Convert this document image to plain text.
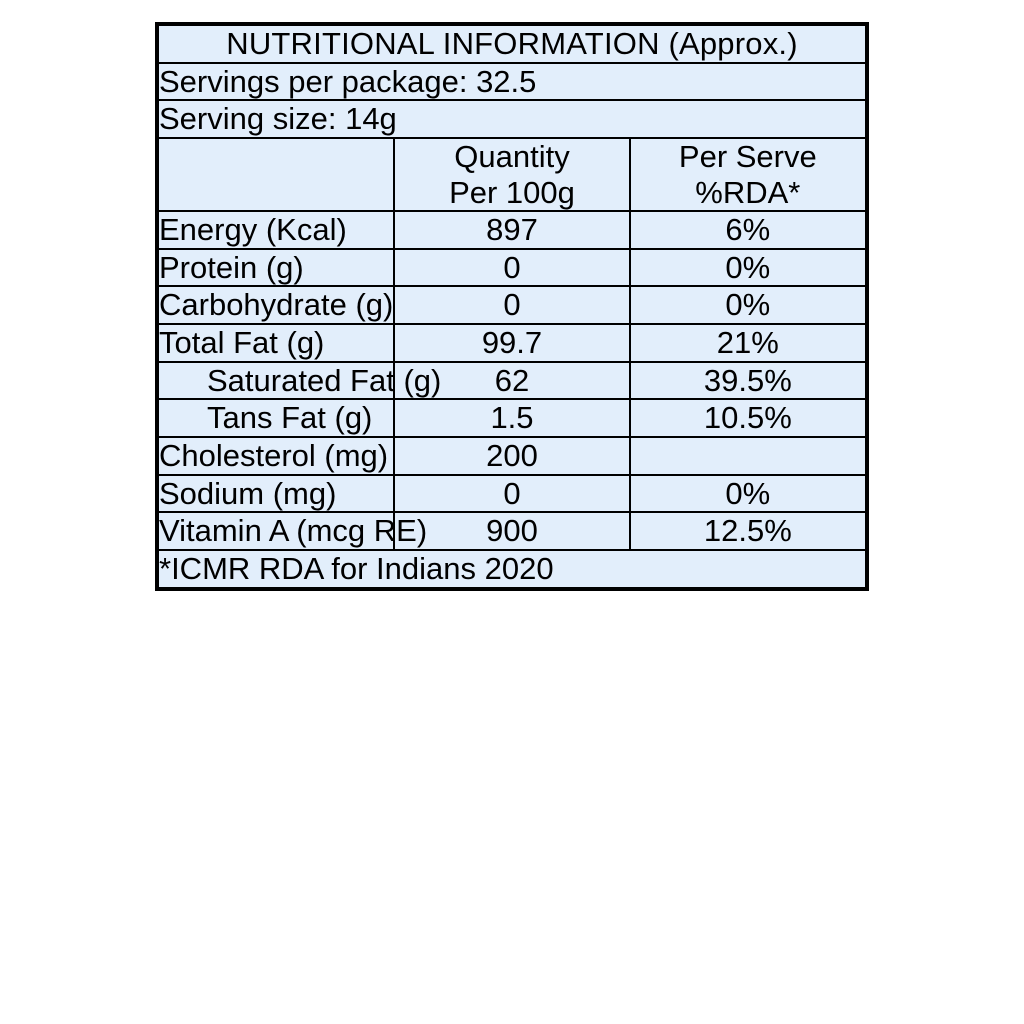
NUTRITIONAL INFORMATION (Approx.)		
Servings per package: 32.5		
Serving size: 14g		

Quantity
Per 100g

Per Serve
%RDA*

Energy (Kcal)	897	6%
Protein (g)	0	0%
Carbohydrate (g)	0	0%
Total Fat (g)	99.7	21%
Saturated Fat (g)	62	39.5%
Tans Fat (g)	1.5	10.5%
Cholesterol (mg)	200	
Sodium (mg)	0	0%
Vitamin A (mcg RE)	900	12.5%
*ICMR RDA for Indians 2020		
